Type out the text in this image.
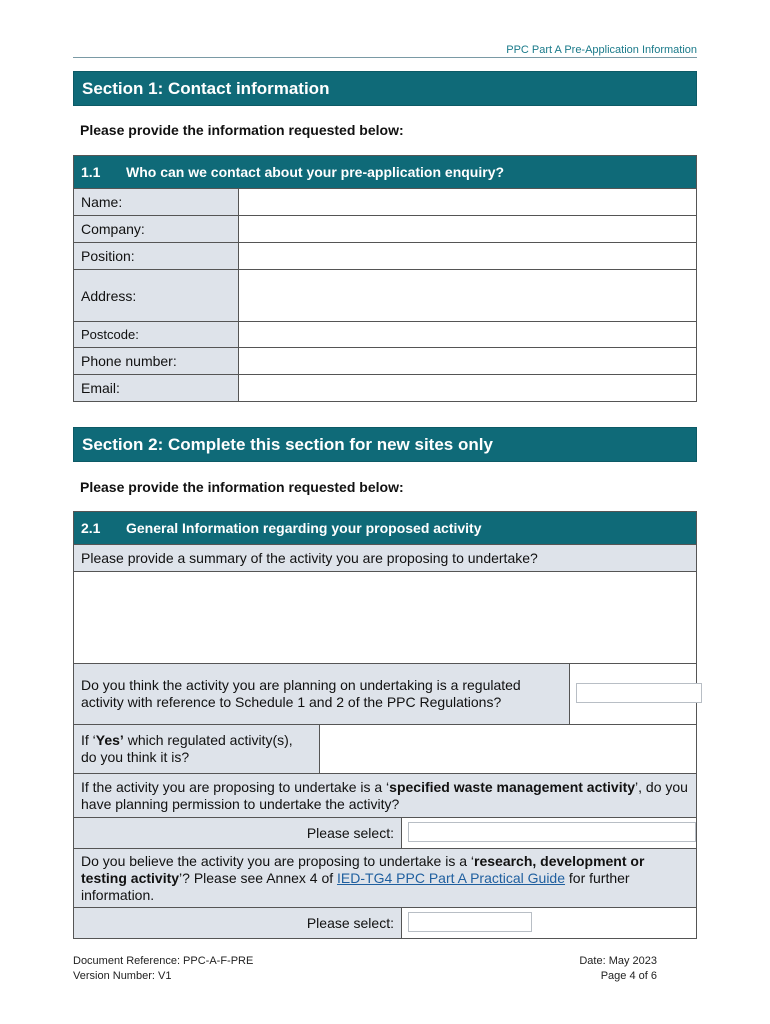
PPC Part A Pre-Application Information
Section 1: Contact information
Please provide the information requested below:
1.1 Who can we contact about your pre-application enquiry?	
Name:	
Company:	
Position:	
Address:	
Postcode:	
Phone number:	
Email:	
Section 2: Complete this section for new sites only
Please provide the information requested below:
2.1 General Information regarding your proposed activity			
Please provide a summary of the activity you are proposing to undertake?			

Do you think the activity you are planning on undertaking is a regulated activity with reference to Schedule 1 and 2 of the PPC Regulations?			
If ‘Yes’ which regulated activity(s), do you think it is?			
If the activity you are proposing to undertake is a ‘specified waste management activity’, do you have planning permission to undertake the activity?			
Please select:			
Do you believe the activity you are proposing to undertake is a ‘research, development or testing activity’? Please see Annex 4 of IED-TG4 PPC Part A Practical Guide for further information.			
Please select:			
Document Reference: PPC-A-F-PRE
Version Number: V1
Date: May 2023
Page 4 of 6
